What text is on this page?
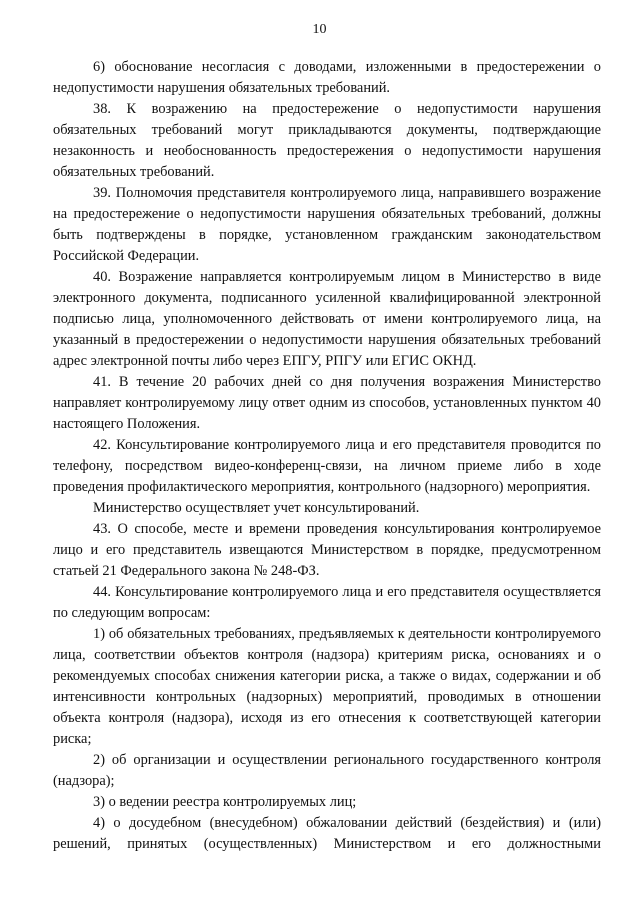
10

6) обоснование несогласия с доводами, изложенными в предостережении о недопустимости нарушения обязательных требований.

38. К возражению на предостережение о недопустимости нарушения обязательных требований могут прикладываются документы, подтверждающие незаконность и необоснованность предостережения о недопустимости нарушения обязательных требований.

39. Полномочия представителя контролируемого лица, направившего возражение на предостережение о недопустимости нарушения обязательных требований, должны быть подтверждены в порядке, установленном гражданским законодательством Российской Федерации.

40. Возражение направляется контролируемым лицом в Министерство в виде электронного документа, подписанного усиленной квалифицированной электронной подписью лица, уполномоченного действовать от имени контролируемого лица, на указанный в предостережении о недопустимости нарушения обязательных требований адрес электронной почты либо через ЕПГУ, РПГУ или ЕГИС ОКНД.

41. В течение 20 рабочих дней со дня получения возражения Министерство направляет контролируемому лицу ответ одним из способов, установленных пунктом 40 настоящего Положения.

42. Консультирование контролируемого лица и его представителя проводится по телефону, посредством видео-конференц-связи, на личном приеме либо в ходе проведения профилактического мероприятия, контрольного (надзорного) мероприятия.

Министерство осуществляет учет консультирований.

43. О способе, месте и времени проведения консультирования контролируемое лицо и его представитель извещаются Министерством в порядке, предусмотренном статьей 21 Федерального закона № 248-ФЗ.

44. Консультирование контролируемого лица и его представителя осуществляется по следующим вопросам:

1) об обязательных требованиях, предъявляемых к деятельности контролируемого лица, соответствии объектов контроля (надзора) критериям риска, основаниях и о рекомендуемых способах снижения категории риска, а также о видах, содержании и об интенсивности контрольных (надзорных) мероприятий, проводимых в отношении объекта контроля (надзора), исходя из его отнесения к соответствующей категории риска;

2) об организации и осуществлении регионального государственного контроля (надзора);

3) о ведении реестра контролируемых лиц;

4) о досудебном (внесудебном) обжаловании действий (бездействия) и (или) решений, принятых (осуществленных) Министерством и его должностными
